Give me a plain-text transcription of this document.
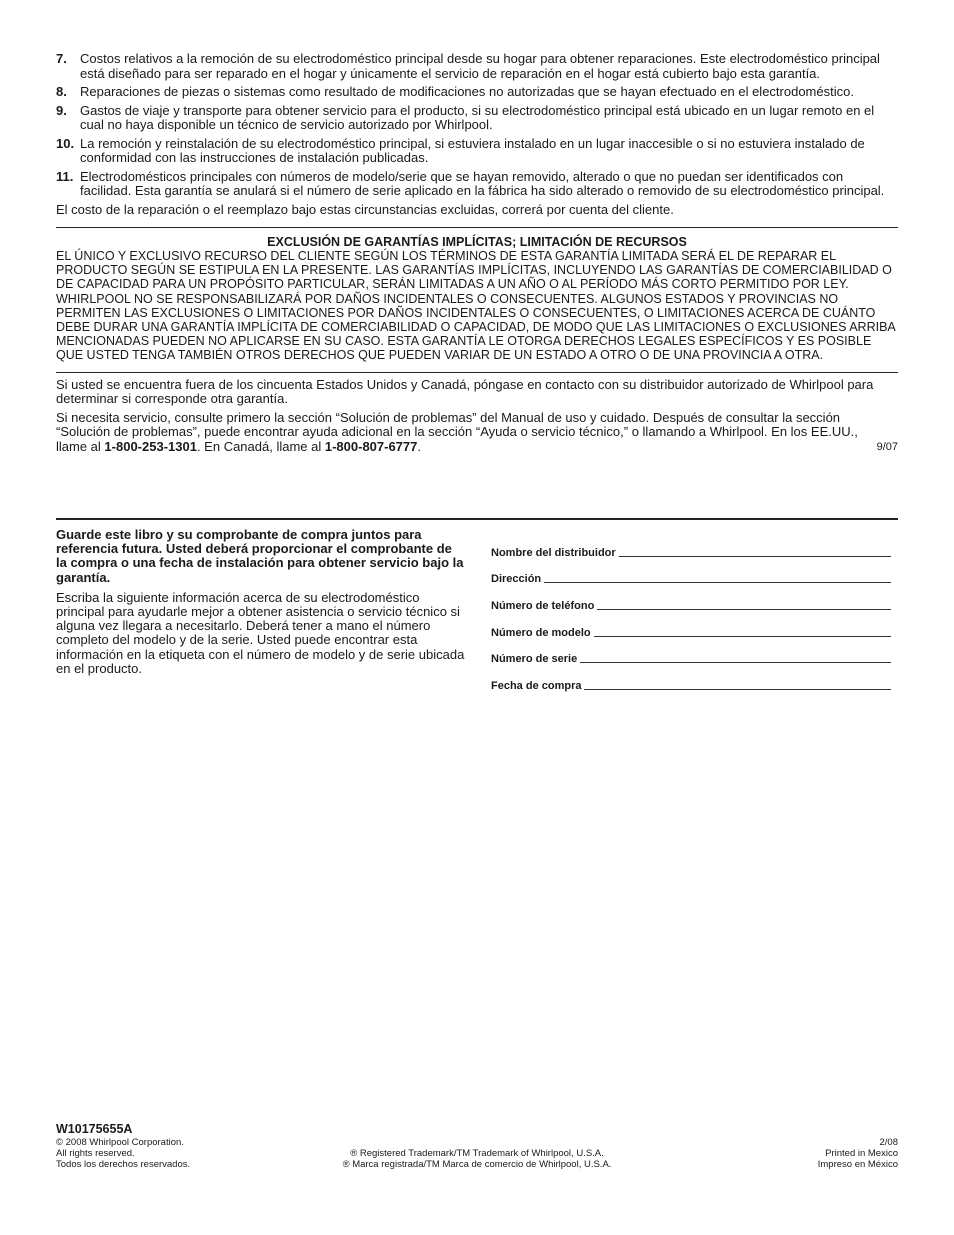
7. Costos relativos a la remoción de su electrodoméstico principal desde su hogar para obtener reparaciones. Este electrodoméstico principal está diseñado para ser reparado en el hogar y únicamente el servicio de reparación en el hogar está cubierto bajo esta garantía.
8. Reparaciones de piezas o sistemas como resultado de modificaciones no autorizadas que se hayan efectuado en el electrodoméstico.
9. Gastos de viaje y transporte para obtener servicio para el producto, si su electrodoméstico principal está ubicado en un lugar remoto en el cual no haya disponible un técnico de servicio autorizado por Whirlpool.
10. La remoción y reinstalación de su electrodoméstico principal, si estuviera instalado en un lugar inaccesible o si no estuviera instalado de conformidad con las instrucciones de instalación publicadas.
11. Electrodomésticos principales con números de modelo/serie que se hayan removido, alterado o que no puedan ser identificados con facilidad. Esta garantía se anulará si el número de serie aplicado en la fábrica ha sido alterado o removido de su electrodoméstico principal.

El costo de la reparación o el reemplazo bajo estas circunstancias excluidas, correrá por cuenta del cliente.

EXCLUSIÓN DE GARANTÍAS IMPLÍCITAS; LIMITACIÓN DE RECURSOS

EL ÚNICO Y EXCLUSIVO RECURSO DEL CLIENTE SEGÚN LOS TÉRMINOS DE ESTA GARANTÍA LIMITADA SERÁ EL DE REPARAR EL PRODUCTO SEGÚN SE ESTIPULA EN LA PRESENTE. LAS GARANTÍAS IMPLÍCITAS, INCLUYENDO LAS GARANTÍAS DE COMERCIABILIDAD O DE CAPACIDAD PARA UN PROPÓSITO PARTICULAR, SERÁN LIMITADAS A UN AÑO O AL PERÍODO MÁS CORTO PERMITIDO POR LEY. WHIRLPOOL NO SE RESPONSABILIZARÁ POR DAÑOS INCIDENTALES O CONSECUENTES. ALGUNOS ESTADOS Y PROVINCIAS NO PERMITEN LAS EXCLUSIONES O LIMITACIONES POR DAÑOS INCIDENTALES O CONSECUENTES, O LIMITACIONES ACERCA DE CUÁNTO DEBE DURAR UNA GARANTÍA IMPLÍCITA DE COMERCIABILIDAD O CAPACIDAD, DE MODO QUE LAS LIMITACIONES O EXCLUSIONES ARRIBA MENCIONADAS PUEDEN NO APLICARSE EN SU CASO. ESTA GARANTÍA LE OTORGA DERECHOS LEGALES ESPECÍFICOS Y ES POSIBLE QUE USTED TENGA TAMBIÉN OTROS DERECHOS QUE PUEDEN VARIAR DE UN ESTADO A OTRO O DE UNA PROVINCIA A OTRA.

Si usted se encuentra fuera de los cincuenta Estados Unidos y Canadá, póngase en contacto con su distribuidor autorizado de Whirlpool para determinar si corresponde otra garantía.

Si necesita servicio, consulte primero la sección “Solución de problemas” del Manual de uso y cuidado. Después de consultar la sección “Solución de problemas”, puede encontrar ayuda adicional en la sección “Ayuda o servicio técnico,” o llamando a Whirlpool. En los EE.UU., llame al 1-800-253-1301. En Canadá, llame al 1-800-807-6777.	9/07

Guarde este libro y su comprobante de compra juntos para referencia futura. Usted deberá proporcionar el comprobante de la compra o una fecha de instalación para obtener servicio bajo la garantía.

Escriba la siguiente información acerca de su electrodoméstico principal para ayudarle mejor a obtener asistencia o servicio técnico si alguna vez llegara a necesitarlo. Deberá tener a mano el número completo del modelo y de la serie. Usted puede encontrar esta información en la etiqueta con el número de modelo y de serie ubicada en el producto.

Nombre del distribuidor
Dirección
Número de teléfono
Número de modelo
Número de serie
Fecha de compra
W10175655A
© 2008 Whirlpool Corporation.
All rights reserved.
Todos los derechos reservados.
® Registered Trademark/TM Trademark of Whirlpool, U.S.A.
® Marca registrada/TM Marca de comercio de Whirlpool, U.S.A.
2/08
Printed in Mexico
Impreso en México
